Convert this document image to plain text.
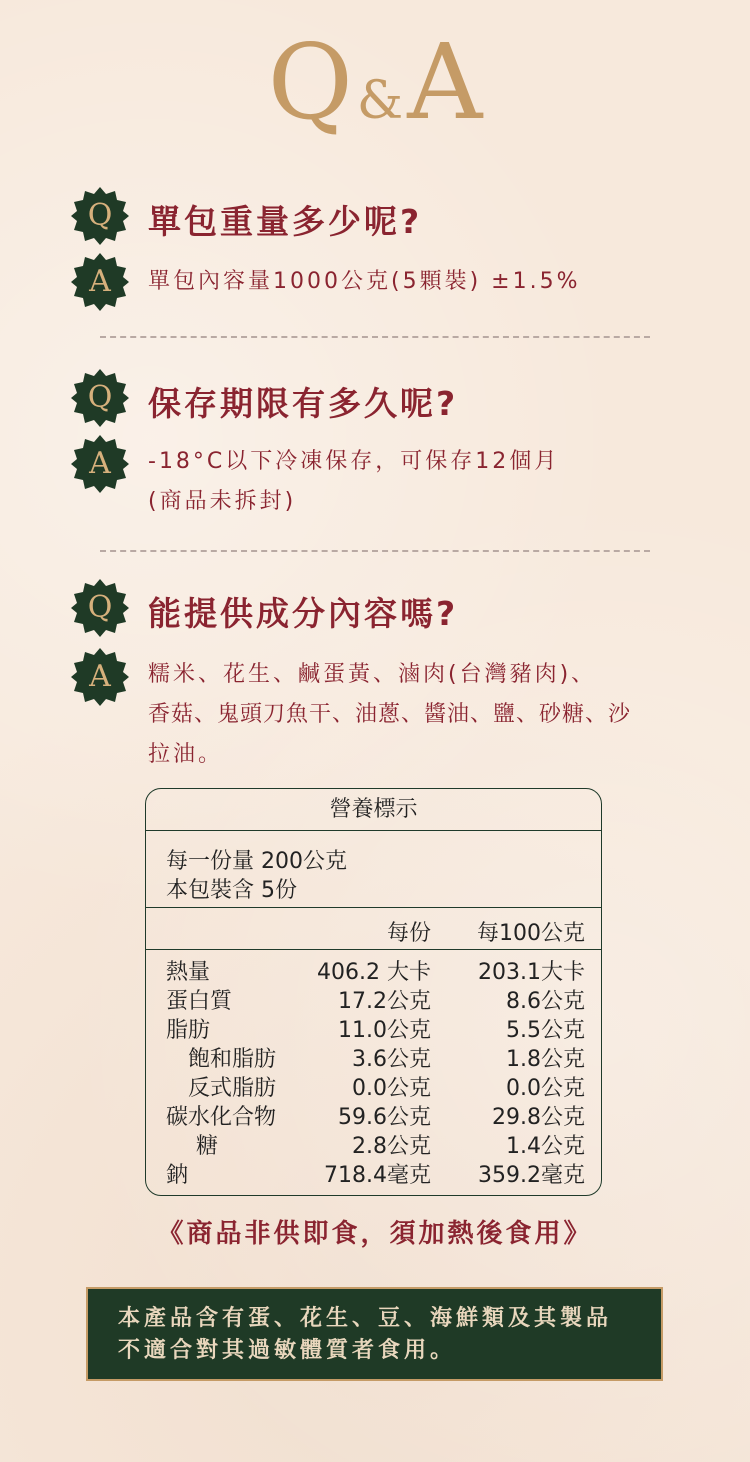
Q&A
Q 單包重量多少呢?
A 單包內容量1000公克(5顆裝) ±1.5%
Q 保存期限有多久呢?
A -18°C以下冷凍保存，可保存12個月
(商品未拆封)
Q 能提供成分內容嗎?
A 糯米、花生、鹹蛋黃、滷肉(台灣豬肉)、
香菇、鬼頭刀魚干、油蔥、醬油、鹽、砂糖、沙
拉油。
營養標示
每一份量 200公克
本包裝含 5份
每份 每100公克
熱量	406.2 大卡 203.1大卡
蛋白質	17.2公克	8.6公克
脂肪	11.0公克	5.5公克
飽和脂肪	3.6公克	1.8公克
反式脂肪	0.0公克	0.0公克
碳水化合物	59.6公克	29.8公克
糖	2.8公克	1.4公克
鈉	718.4毫克 359.2毫克
《商品非供即食，須加熱後食用》
本產品含有蛋、花生、豆、海鮮類及其製品
不適合對其過敏體質者食用。
